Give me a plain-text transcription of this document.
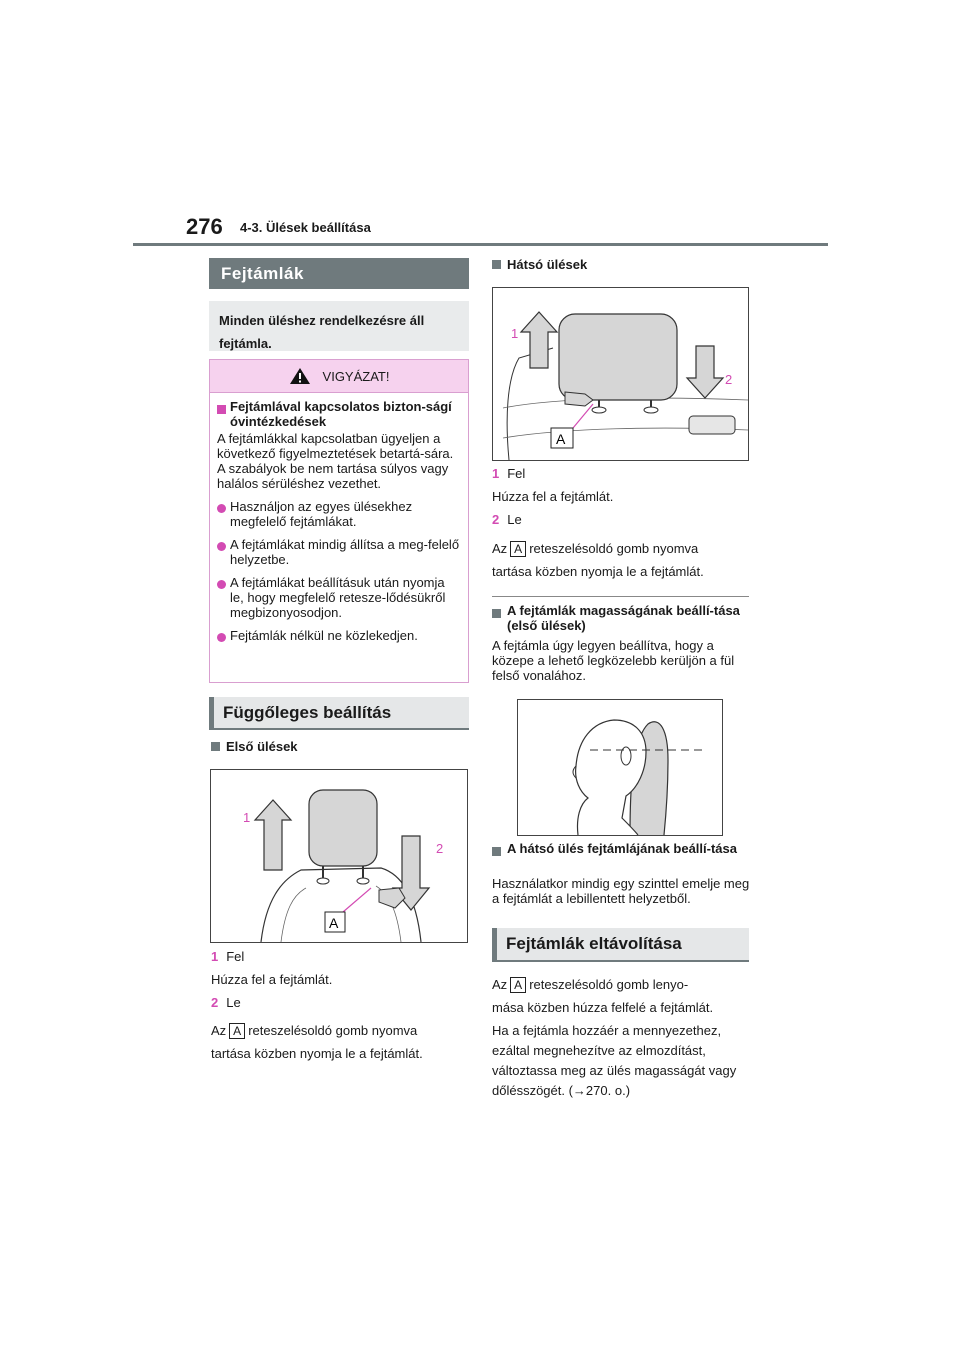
276 4-3. Ülések beállítása
Fejtámlák
Minden üléshez rendelkezésre áll fejtámla.
VIGYÁZAT!
Fejtámlával kapcsolatos bizton-ságí óvintézkedések
A fejtámlákkal kapcsolatban ügyeljen a következő figyelmeztetések betartá-sára. A szabályok be nem tartása súlyos vagy halálos sérüléshez vezethet.
Használjon az egyes ülésekhez megfelelő fejtámlákat.
A fejtámlákat mindig állítsa a meg-felelő helyzetbe.
A fejtámlákat beállításuk után nyomja le, hogy megfelelő retesze-lődésükről megbizonyosodjon.
Fejtámlák nélkül ne közlekedjen.
Függőleges beállítás
Első ülések
1
2
A
1 Fel
Húzza fel a fejtámlát.
2 Le
Az A reteszelésoldó gomb nyomva
tartása közben nyomja le a fejtámlát.
Hátsó ülések
1
2
A
1 Fel
Húzza fel a fejtámlát.
2 Le
Az A reteszelésoldó gomb nyomva
tartása közben nyomja le a fejtámlát.
A fejtámlák magasságának beállí-tása (első ülések)
A fejtámla úgy legyen beállítva, hogy a közepe a lehető legközelebb kerüljön a fül felső vonalához.
A hátsó ülés fejtámlájának beállí-tása
Használatkor mindig egy szinttel emelje meg a fejtámlát a lebillentett helyzetből.
Fejtámlák eltávolítása
Az A reteszelésoldó gomb lenyo-
mása közben húzza felfelé a fejtámlát.
Ha a fejtámla hozzáér a mennyezethez, ezáltal megnehezítve az elmozdítást, változtassa meg az ülés magasságát vagy dőlésszögét. (→270. o.)
